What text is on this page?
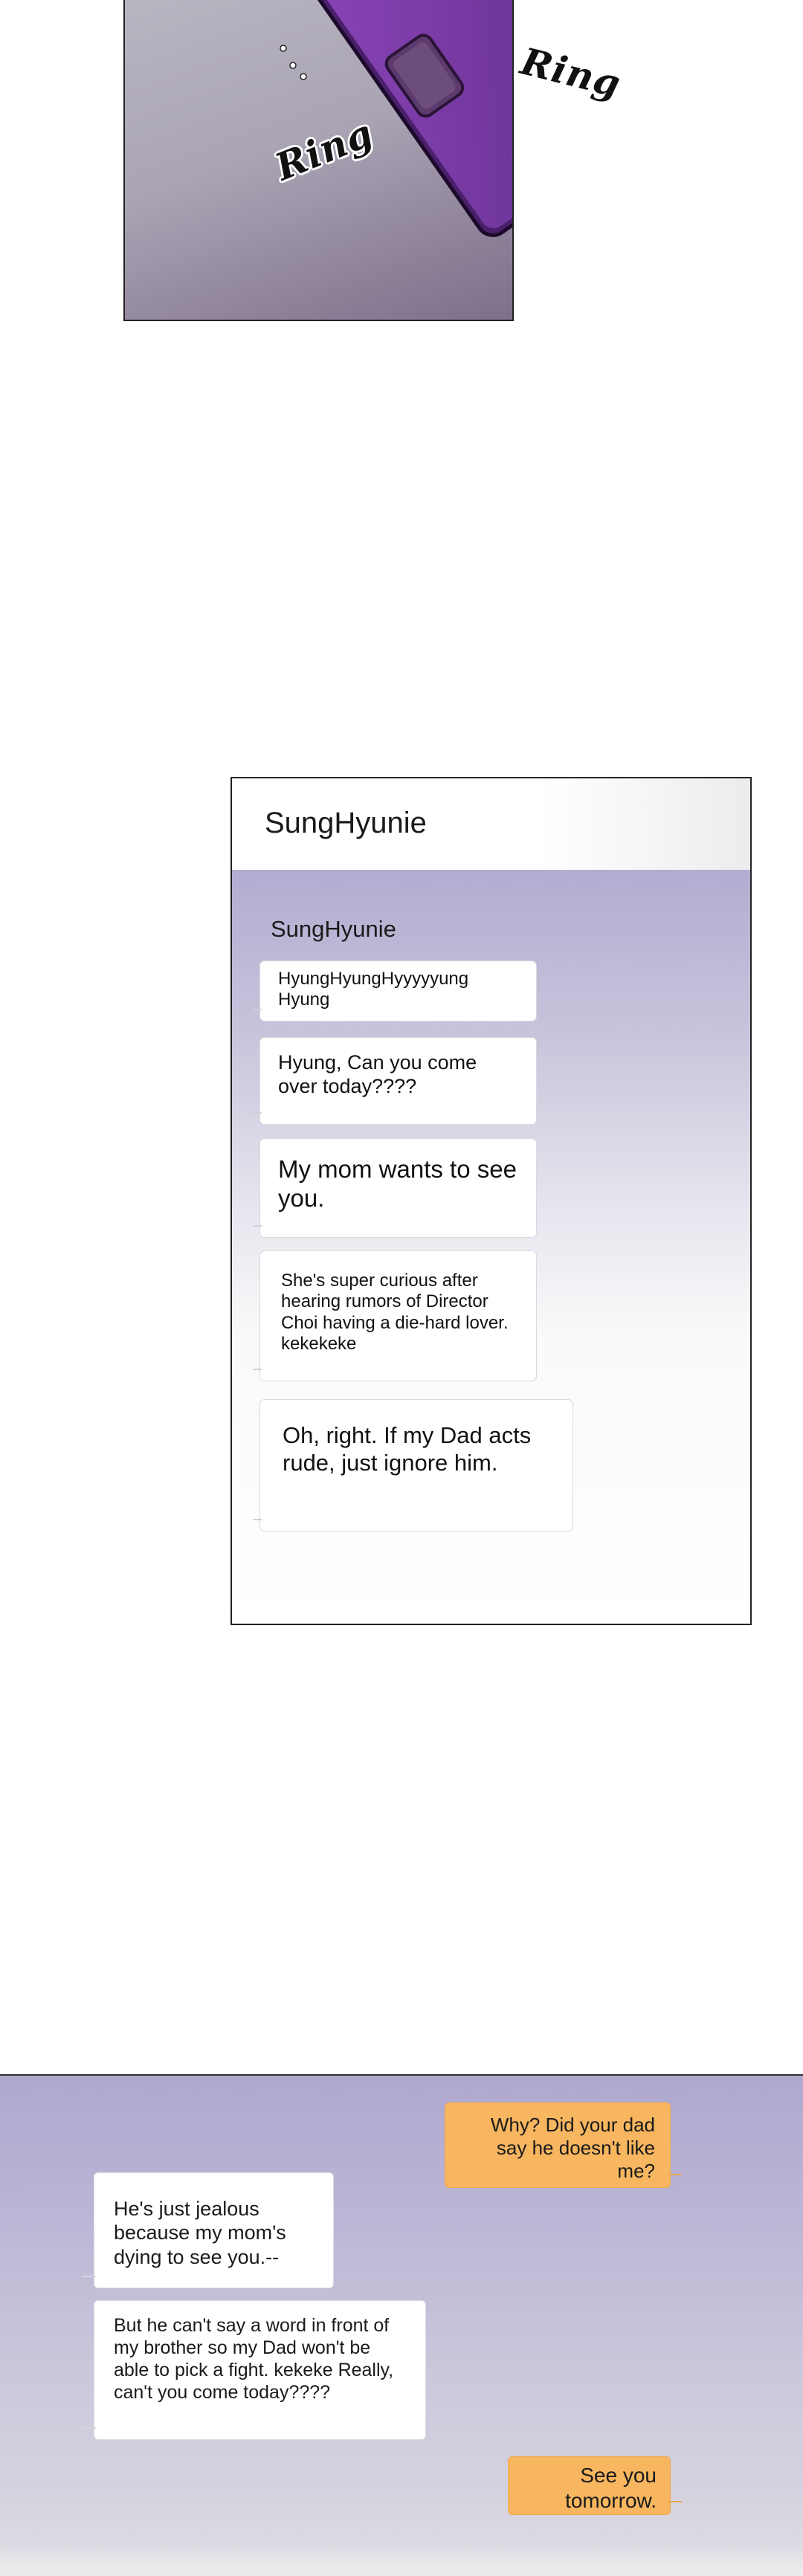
Ring
Ring
SungHyunie
SungHyunie
HyungHyungHyyyyyung Hyung
Hyung, Can you come over today????
My mom wants to see you.
She's super curious after hearing rumors of Director Choi having a die-hard lover. kekekeke
Oh, right. If my Dad acts rude, just ignore him.
Why? Did your dad say he doesn't like me?
He's just jealous because my mom's dying to see you.--
But he can't say a word in front of my brother so my Dad won't be able to pick a fight. kekeke Really, can't you come today????
See you tomorrow.
